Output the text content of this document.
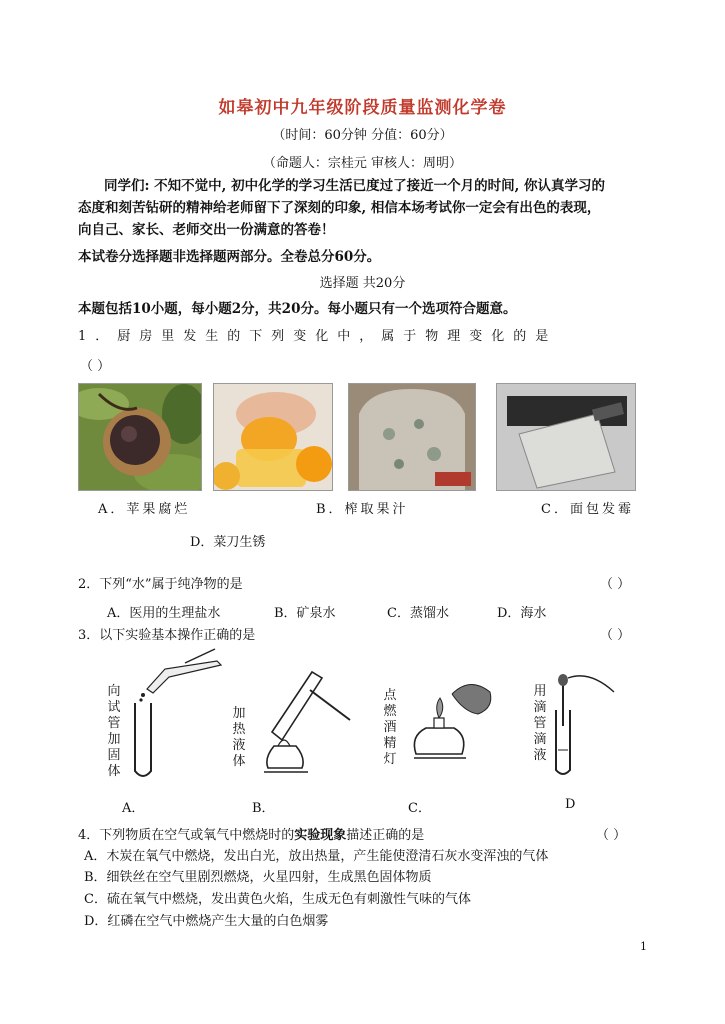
如皋初中九年级阶段质量监测化学卷
（时间：60分钟 分值：60分）
（命题人：宗桂元 审核人：周明）
同学们: 不知不觉中, 初中化学的学习生活已度过了接近一个月的时间, 你认真学习的
态度和刻苦钻研的精神给老师留下了深刻的印象, 相信本场考试你一定会有出色的表现，
向自己、家长、老师交出一份满意的答卷！
本试卷分选择题非选择题两部分。全卷总分60分。
选择题 共20分
本题包括10小题，每小题2分，共20分。每小题只有一个选项符合题意。
1．厨房里发生的下列变化中，属于物理变化的是
（ ）
A．苹果腐烂	B．榨取果汁	C．面包发霉
D．菜刀生锈
2．下列“水”属于纯净物的是	（ ）
A．医用的生理盐水	B．矿泉水	C．蒸馏水	D．海水
3．以下实验基本操作正确的是	（ ）
向试管加固体
加热液体
点燃酒精灯
用滴管滴液
A．	B．	C．	D
4．下列物质在空气或氧气中燃烧时的实验现象描述正确的是	（ ）
A．木炭在氧气中燃烧，发出白光，放出热量，产生能使澄清石灰水变浑浊的气体
B．细铁丝在空气里剧烈燃烧，火星四射，生成黑色固体物质
C．硫在氧气中燃烧，发出黄色火焰，生成无色有刺激性气味的气体
D．红磷在空气中燃烧产生大量的白色烟雾
1
